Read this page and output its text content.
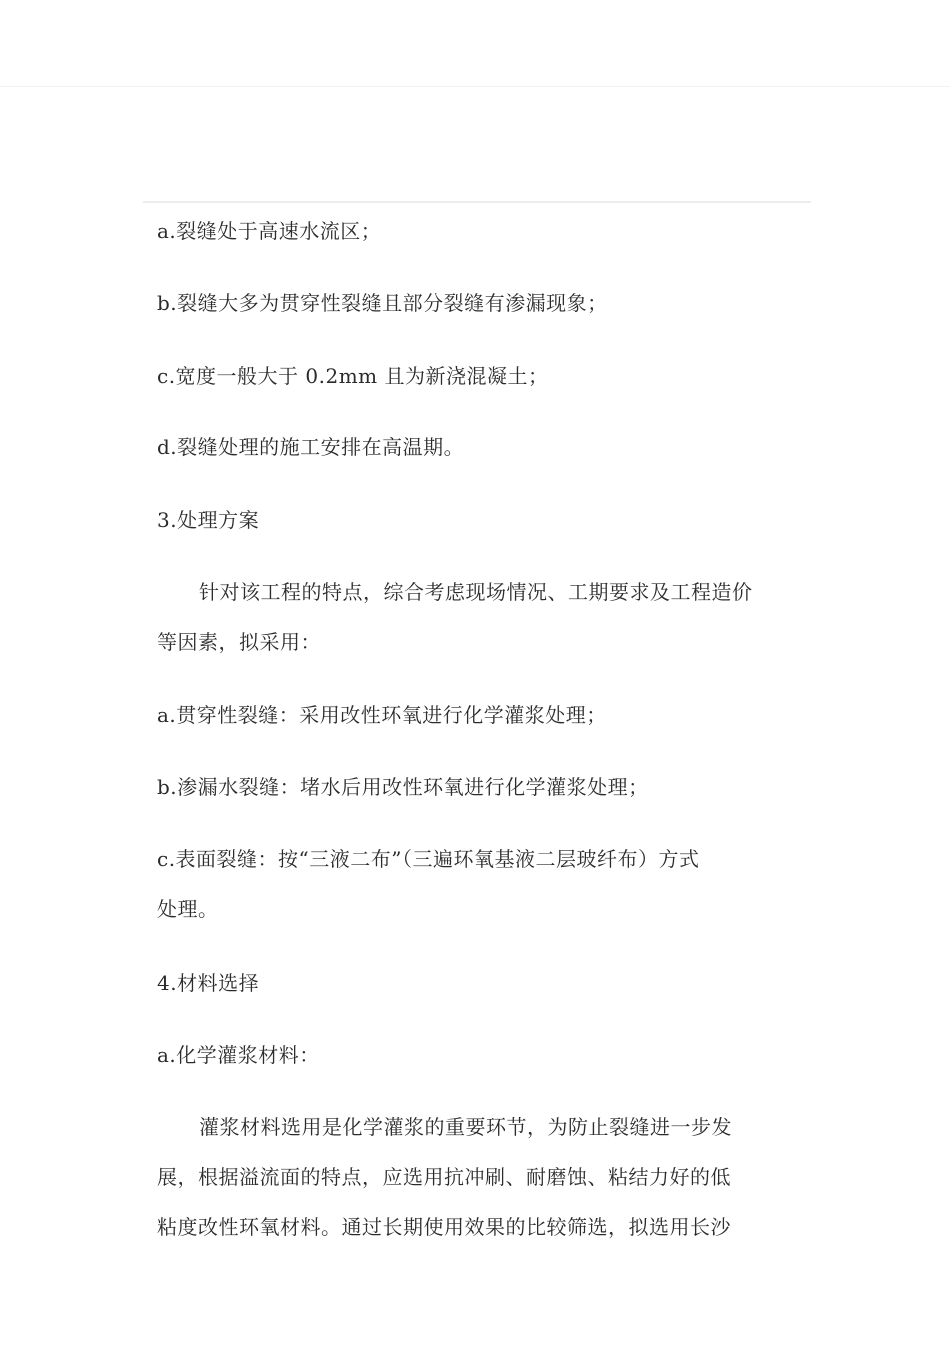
a.裂缝处于高速水流区；
b.裂缝大多为贯穿性裂缝且部分裂缝有渗漏现象；
c.宽度一般大于 0.2mm 且为新浇混凝土；
d.裂缝处理的施工安排在高温期。
3.处理方案
针对该工程的特点，综合考虑现场情况、工期要求及工程造价
等因素，拟采用：
a.贯穿性裂缝：采用改性环氧进行化学灌浆处理；
b.渗漏水裂缝：堵水后用改性环氧进行化学灌浆处理；
c.表面裂缝：按“三液二布”（三遍环氧基液二层玻纤布）方式
处理。
4.材料选择
a.化学灌浆材料：
灌浆材料选用是化学灌浆的重要环节，为防止裂缝进一步发
展，根据溢流面的特点，应选用抗冲刷、耐磨蚀、粘结力好的低
粘度改性环氧材料。通过长期使用效果的比较筛选，拟选用长沙
